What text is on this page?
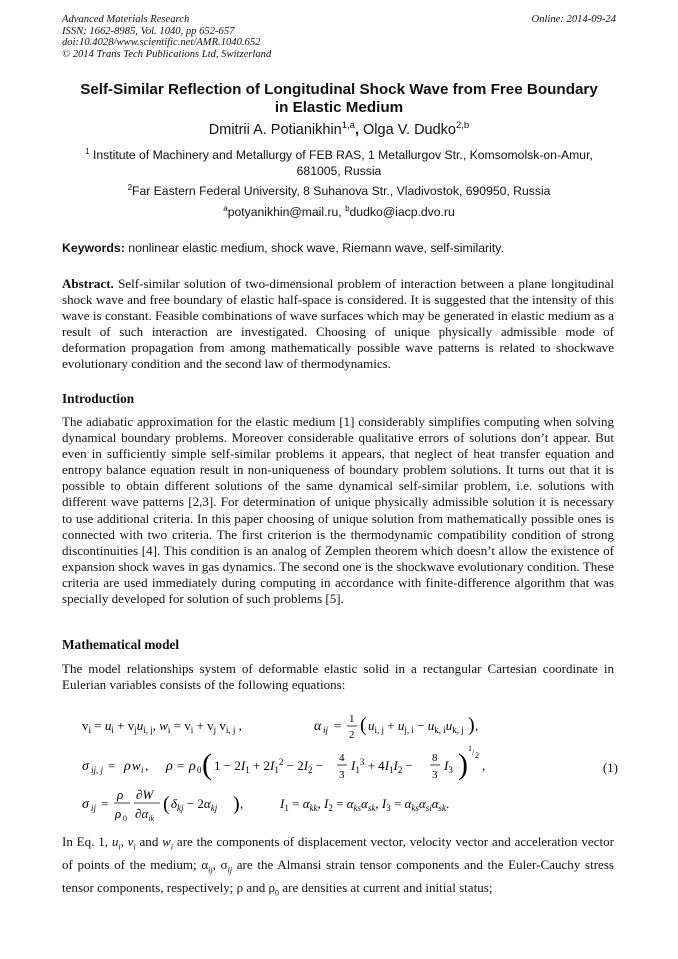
Advanced Materials Research
ISSN: 1662-8985, Vol. 1040, pp 652-657
doi:10.4028/www.scientific.net/AMR.1040.652
© 2014 Trans Tech Publications Ltd, Switzerland
Online: 2014-09-24
Self-Similar Reflection of Longitudinal Shock Wave from Free Boundary
in Elastic Medium
Dmitrii A. Potianikhin$^{1,a}$, Olga V. Dudko$^{2,b}$
$^1$ Institute of Machinery and Metallurgy of FEB RAS, 1 Metallurgov Str., Komsomolsk-on-Amur,
681005, Russia
$^2$Far Eastern Federal University, 8 Suhanova Str., Vladivostok, 690950, Russia
$^a$potyanikhin@mail.ru, $^b$dudko@iacp.dvo.ru
Keywords: nonlinear elastic medium, shock wave, Riemann wave, self-similarity.
Abstract. Self-similar solution of two-dimensional problem of interaction between a plane longitudinal shock wave and free boundary of elastic half-space is considered. It is suggested that the intensity of this wave is constant. Feasible combinations of wave surfaces which may be generated in elastic medium as a result of such interaction are investigated. Choosing of unique physically admissible mode of deformation propagation from among mathematically possible wave patterns is related to shockwave evolutionary condition and the second law of thermodynamics.
Introduction
The adiabatic approximation for the elastic medium [1] considerably simplifies computing when solving dynamical boundary problems. Moreover considerable qualitative errors of solutions don’t appear. But even in sufficiently simple self-similar problems it appears, that neglect of heat transfer equation and entropy balance equation result in non-uniqueness of boundary problem solutions. It turns out that it is possible to obtain different solutions of the same dynamical self-similar problem, i.e. solutions with different wave patterns [2,3]. For determination of unique physically admissible solution it is necessary to use additional criteria. In this paper choosing of unique solution from mathematically possible ones is connected with two criteria. The first criterion is the thermodynamic compatibility condition of strong discontinuities [4]. This condition is an analog of Zemplen theorem which doesn’t allow the existence of expansion shock waves in gas dynamics. The second one is the shockwave evolutionary condition. These criteria are used immediately during computing in accordance with finite-difference algorithm that was specially developed for solution of such problems [5].
Mathematical model
The model relationships system of deformable elastic solid in a rectangular Cartesian coordinate in Eulerian variables consists of the following equations:
$v_i = u_i + v_ju_{i, j}$, $w_i = v_i + v_j$ $v_{i, j}$ ,	α ij = 1
2 ( $u_{i, j} + u_{j, i} - u_{k, i}u_{k, j}$ ) ,
σ ij, j = ρ w i , ρ = ρ 0 ( $1 - 2I_1 + 2I_1^2 - 2I_2 - 4$
3
$I_1^3 + 4I_1I_2 - 8$
3
$I_3$ ) 1 / 2
,
σ ij =
ρ
ρ 0
∂W
$\partial\alpha_{ik}$
( $\delta_{kj} - 2\alpha_{kj}$ ) ,	$I_1 = \alpha_{kk}$, $I_2 = \alpha_{ks}\alpha_{sk}$, $I_3 = \alpha_{ks}\alpha_{si}\alpha_{sk}$.
(1)
In Eq. 1, $u_i$, $v_i$ and $w_i$ are the components of displacement vector, velocity vector and acceleration vector of points of the medium; $\alpha_{ij}$, $\sigma_{ij}$ are the Almansi strain tensor components and the Euler-Cauchy stress tensor components, respectively; ρ and $\rho_0$ are densities at current and initial status;
